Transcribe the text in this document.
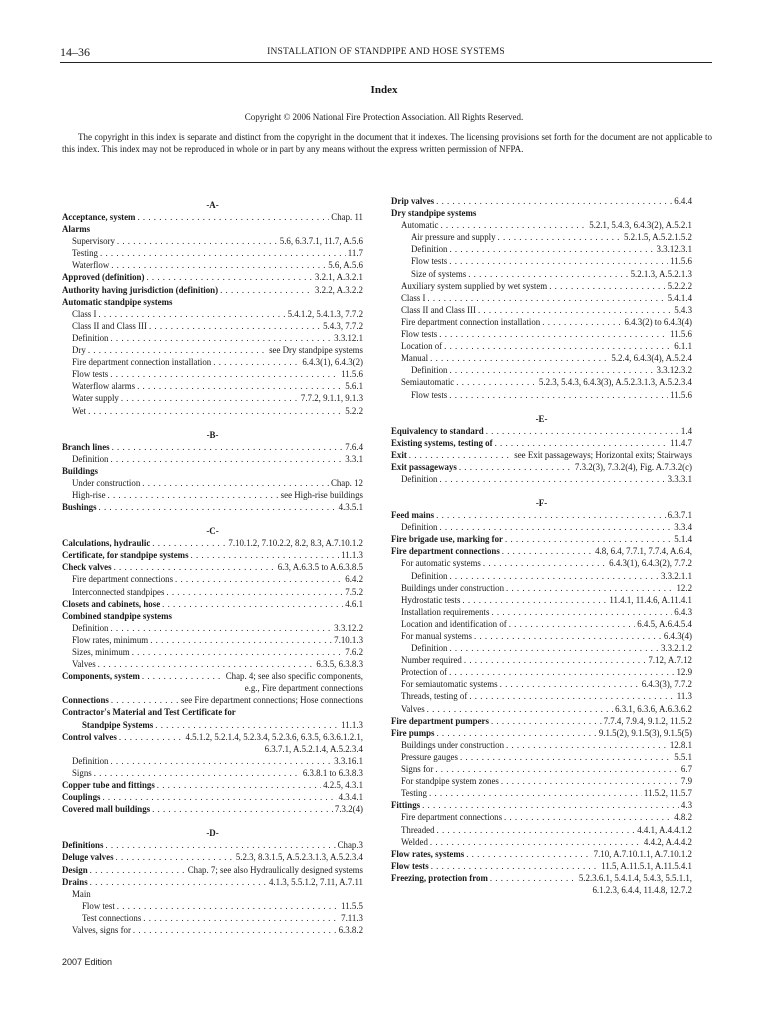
14–36	INSTALLATION OF STANDPIPE AND HOSE SYSTEMS
Index
Copyright © 2006 National Fire Protection Association. All Rights Reserved.
The copyright in this index is separate and distinct from the copyright in the document that it indexes. The licensing provisions set forth for the document are not applicable to this index. This index may not be reproduced in whole or in part by any means without the express written permission of NFPA.
-A-
Acceptance, system . . .	Chap. 11
Alarms
Supervisory . . .	5.6, 6.3.7.1, 11.7, A.5.6
Testing . . .	11.7
Waterflow . . .	5.6, A.5.6
Approved (definition) . . .	3.2.1, A.3.2.1
Authority having jurisdiction (definition) . . .	3.2.2, A.3.2.2
Automatic standpipe systems
Class I . . .	5.4.1.2, 5.4.1.3, 7.7.2
Class II and Class III . . .	5.4.3, 7.7.2
Definition . . .	3.3.12.1
Dry . . .	see Dry standpipe systems
Fire department connection installation . . .	6.4.3(1), 6.4.3(2)
Flow tests . . .	11.5.6
Waterflow alarms . . .	5.6.1
Water supply . . .	7.7.2, 9.1.1, 9.1.3
Wet . . .	5.2.2
-B-
Branch lines . . .	7.6.4
Definition . . .	3.3.1
Buildings
Under construction . . .	Chap. 12
High-rise . . .	see High-rise buildings
Bushings . . .	4.3.5.1
-C-
Calculations, hydraulic . . .	7.10.1.2, 7.10.2.2, 8.2, 8.3, A.7.10.1.2
Certificate, for standpipe systems . . .	11.1.3
Check valves . . .	6.3, A.6.3.5 to A.6.3.8.5
Fire department connections . . .	6.4.2
Interconnected standpipes . . .	7.5.2
Closets and cabinets, hose . . .	4.6.1
Combined standpipe systems
Definition . . .	3.3.12.2
Flow rates, minimum . . .	7.10.1.3
Sizes, minimum . . .	7.6.2
Valves . . .	6.3.5, 6.3.8.3
Components, system . . .	Chap. 4; see also specific components,
e.g., Fire department connections
Connections . . .	see Fire department connections; Hose connections
Contractor's Material and Test Certificate for
Standpipe Systems . . .	11.1.3
Control valves . . .	4.5.1.2, 5.2.1.4, 5.2.3.4, 5.2.3.6, 6.3.5, 6.3.6.1.2.1,
6.3.7.1, A.5.2.1.4, A.5.2.3.4
Definition . . .	3.3.16.1
Signs . . .	6.3.8.1 to 6.3.8.3
Copper tube and fittings . . .	4.2.5, 4.3.1
Couplings . . .	4.3.4.1
Covered mall buildings . . .	7.3.2(4)
-D-
Definitions . . .	Chap.3
Deluge valves . . .	5.2.3, 8.3.1.5, A.5.2.3.1.3, A.5.2.3.4
Design . . .	Chap. 7; see also Hydraulically designed systems
Drains . . .	4.1.3, 5.5.1.2, 7.11, A.7.11
Main
Flow test . . .	11.5.5
Test connections . . .	7.11.3
Valves, signs for . . .	6.3.8.2
Drip valves . . .	6.4.4
Dry standpipe systems
Automatic . . .	5.2.1, 5.4.3, 6.4.3(2), A.5.2.1
Air pressure and supply . . .	5.2.1.5, A.5.2.1.5.2
Definition . . .	3.3.12.3.1
Flow tests . . .	11.5.6
Size of systems . . .	5.2.1.3, A.5.2.1.3
Auxiliary system supplied by wet system . . .	5.2.2.2
Class I . . .	5.4.1.4
Class II and Class III . . .	5.4.3
Fire department connection installation . . .	6.4.3(2) to 6.4.3(4)
Flow tests . . .	11.5.6
Location of . . .	6.1.1
Manual . . .	5.2.4, 6.4.3(4), A.5.2.4
Definition . . .	3.3.12.3.2
Semiautomatic . . .	5.2.3, 5.4.3, 6.4.3(3), A.5.2.3.1.3, A.5.2.3.4
Flow tests . . .	11.5.6
-E-
Equivalency to standard . . .	1.4
Existing systems, testing of . . .	11.4.7
Exit . . .	see Exit passageways; Horizontal exits; Stairways
Exit passageways . . .	7.3.2(3), 7.3.2(4), Fig. A.7.3.2(c)
Definition . . .	3.3.3.1
-F-
Feed mains . . .	6.3.7.1
Definition . . .	3.3.4
Fire brigade use, marking for . . .	5.1.4
Fire department connections . . .	4.8, 6.4, 7.7.1, 7.7.4, A.6.4,
For automatic systems . . .	6.4.3(1), 6.4.3(2), 7.7.2
Definition . . .	3.3.2.1.1
Buildings under construction . . .	12.2
Hydrostatic tests . . .	11.4.1, 11.4.6, A.11.4.1
Installation requirements . . .	6.4.3
Location and identification of . . .	6.4.5, A.6.4.5.4
For manual systems . . .	6.4.3(4)
Definition . . .	3.3.2.1.2
Number required . . .	7.12, A.7.12
Protection of . . .	12.9
For semiautomatic systems . . .	6.4.3(3), 7.7.2
Threads, testing of . . .	11.3
Valves . . .	6.3.1, 6.3.6, A.6.3.6.2
Fire department pumpers . . .	7.7.4, 7.9.4, 9.1.2, 11.5.2
Fire pumps . . .	9.1.5(2), 9.1.5(3), 9.1.5(5)
Buildings under construction . . .	12.8.1
Pressure gauges . . .	5.5.1
Signs for . . .	6.7
For standpipe system zones . . .	7.9
Testing . . .	11.5.2, 11.5.7
Fittings . . .	4.3
Fire department connections . . .	4.8.2
Threaded . . .	4.4.1, A.4.4.1.2
Welded . . .	4.4.2, A.4.4.2
Flow rates, systems . . .	7.10, A.7.10.1.1, A.7.10.1.2
Flow tests . . .	11.5, A.11.5.1, A.11.5.4.1
Freezing, protection from . . .	5.2.3.6.1, 5.4.1.4, 5.4.3, 5.5.1.1,
6.1.2.3, 6.4.4, 11.4.8, 12.7.2
2007 Edition
